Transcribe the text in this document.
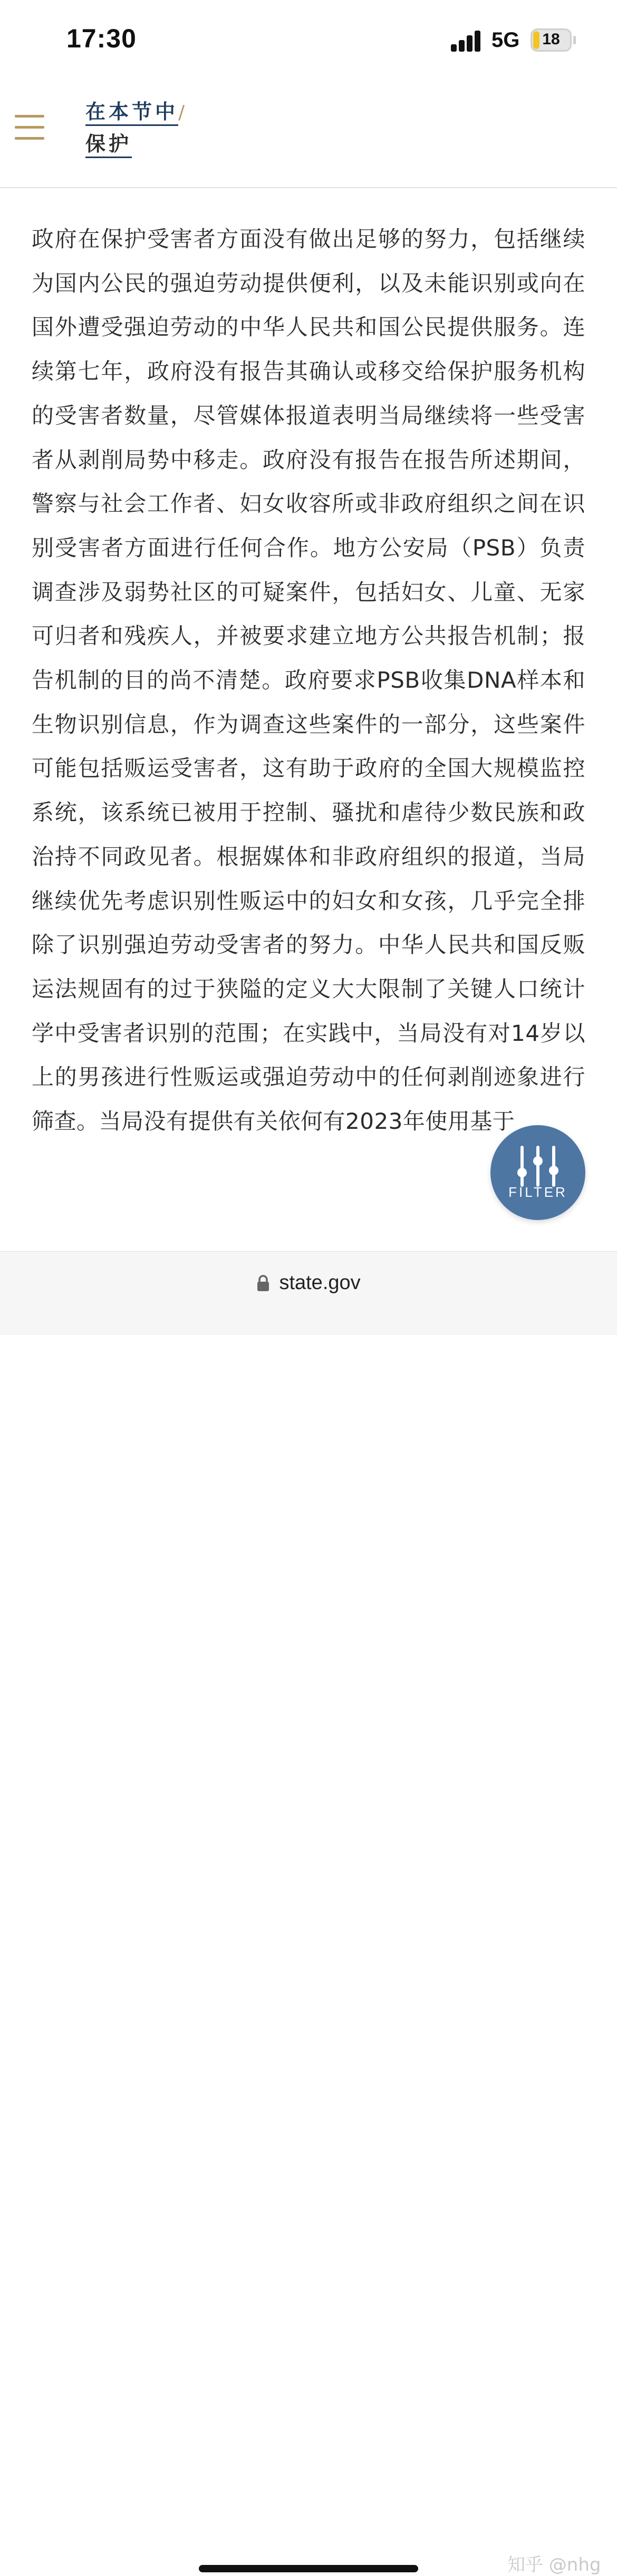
17:30	5G	18
在本节中/
保护

政府在保护受害者方面没有做出足够的努力，包括继续为国内公民的强迫劳动提供便利，以及未能识别或向在国外遭受强迫劳动的中华人民共和国公民提供服务。连续第七年，政府没有报告其确认或移交给保护服务机构的受害者数量，尽管媒体报道表明当局继续将一些受害者从剥削局势中移走。政府没有报告在报告所述期间，警察与社会工作者、妇女收容所或非政府组织之间在识别受害者方面进行任何合作。地方公安局（PSB）负责调查涉及弱势社区的可疑案件，包括妇女、儿童、无家可归者和残疾人，并被要求建立地方公共报告机制；报告机制的目的尚不清楚。政府要求PSB收集DNA样本和生物识别信息，作为调查这些案件的一部分，这些案件可能包括贩运受害者，这有助于政府的全国大规模监控系统，该系统已被用于控制、骚扰和虐待少数民族和政治持不同政见者。根据媒体和非政府组织的报道，当局继续优先考虑识别性贩运中的妇女和女孩，几乎完全排除了识别强迫劳动受害者的努力。中华人民共和国反贩运法规固有的过于狭隘的定义大大限制了关键人口统计学中受害者识别的范围；在实践中，当局没有对14岁以上的男孩进行性贩运或强迫劳动中的任何剥削迹象进行筛查。当局没有提供有关依何有2023年使用基于

FILTER
state.gov
知乎 @nhg
